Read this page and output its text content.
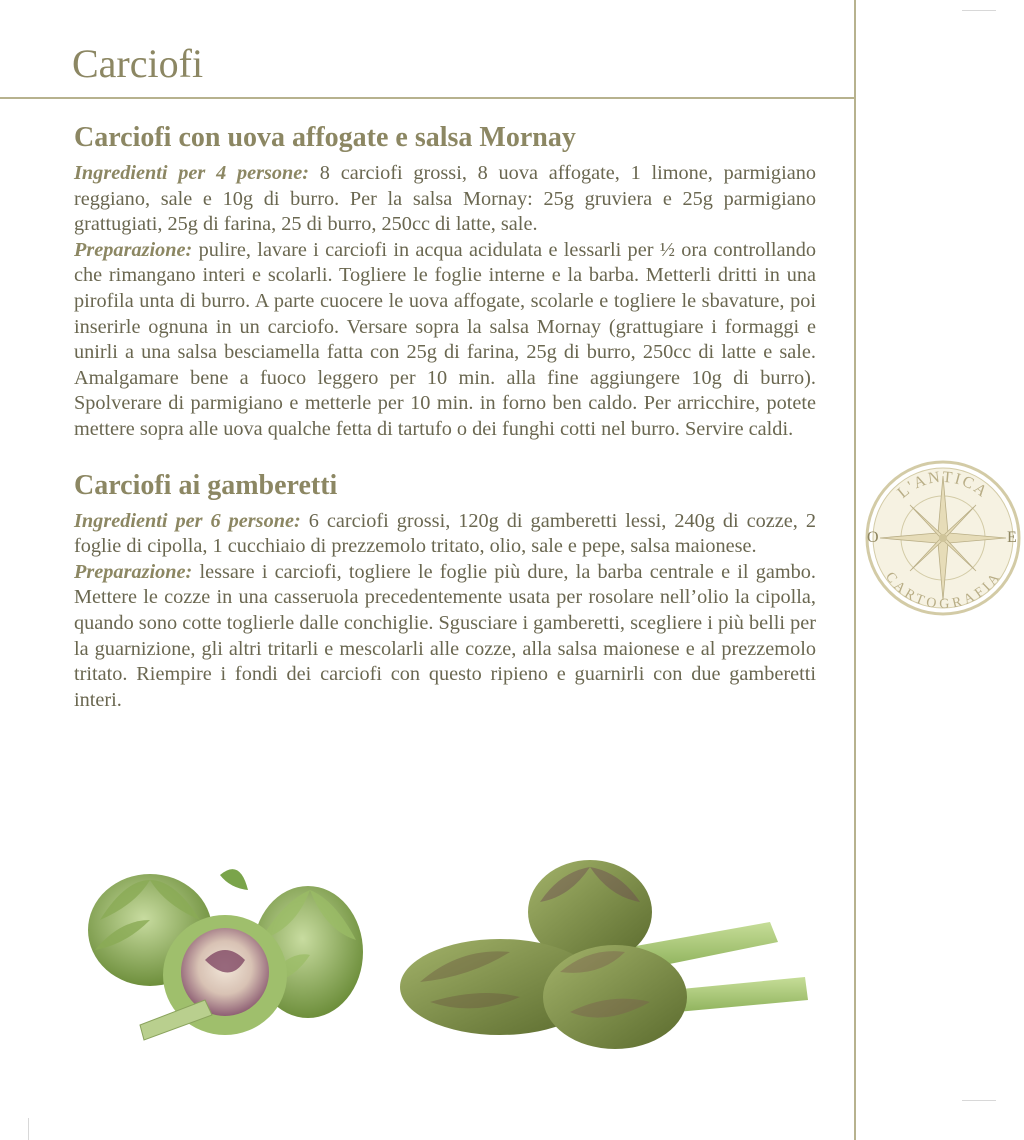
Carciofi
Carciofi con uova affogate e salsa Mornay

Ingredienti per 4 persone: 8 carciofi grossi, 8 uova affogate, 1 limone, parmigiano reggiano, sale e 10g di burro. Per la salsa Mornay: 25g gruviera e 25g parmigiano grattugiati, 25g di farina, 25 di burro, 250cc di latte, sale.

Preparazione: pulire, lavare i carciofi in acqua acidulata e lessarli per ½ ora controllando che rimangano interi e scolarli. Togliere le foglie interne e la barba. Metterli dritti in una pirofila unta di burro. A parte cuocere le uova affogate, scolarle e togliere le sbavature, poi inserirle ognuna in un carciofo. Versare sopra la salsa Mornay (grattugiare i formaggi e unirli a una salsa besciamella fatta con 25g di farina, 25g di burro, 250cc di latte e sale. Amalgamare bene a fuoco leggero per 10 min. alla fine aggiungere 10g di burro). Spolverare di parmigiano e metterle per 10 min. in forno ben caldo. Per arricchire, potete mettere sopra alle uova qualche fetta di tartufo o dei funghi cotti nel burro. Servire caldi.

Carciofi ai gamberetti

Ingredienti per 6 persone: 6 carciofi grossi, 120g di gamberetti lessi, 240g di cozze, 2 foglie di cipolla, 1 cucchiaio di prezzemolo tritato, olio, sale e pepe, salsa maionese.

Preparazione: lessare i carciofi, togliere le foglie più dure, la barba centrale e il gambo. Mettere le cozze in una casseruola precedentemente usata per rosolare nell’olio la cipolla, quando sono cotte toglierle dalle conchiglie. Sgusciare i gamberetti, scegliere i più belli per la guarnizione, gli altri tritarli e mescolarli alle cozze, alla salsa maionese e al prezzemolo tritato. Riempire i fondi dei carciofi con questo ripieno e guarnirli con due gamberetti interi.

L'ANTICA
CARTOGRAFIA
O	E
